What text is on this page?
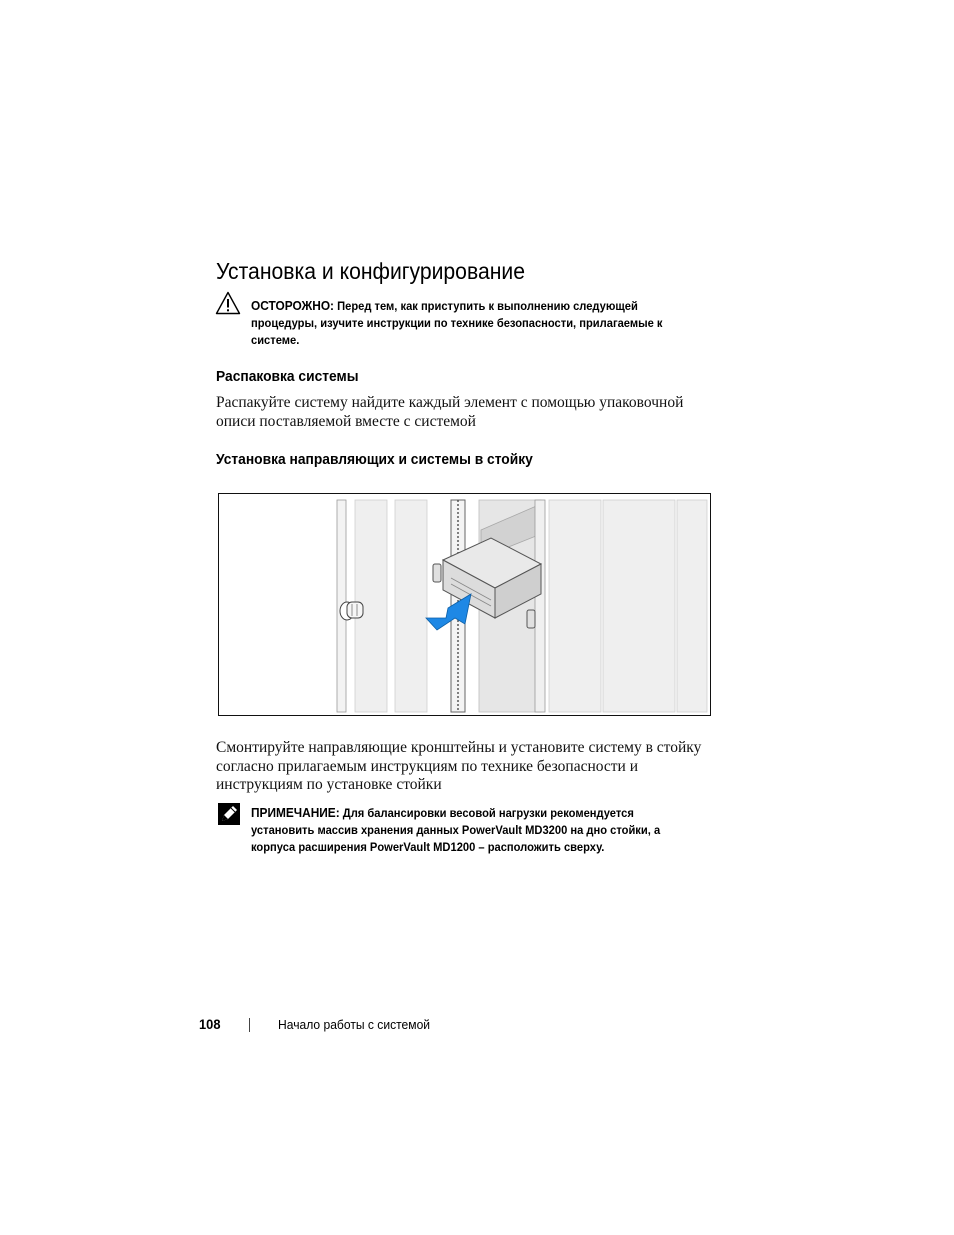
Установка и конфигурирование
ОСТОРОЖНО: Перед тем, как приступить к выполнению следующей
процедуры, изучите инструкции по технике безопасности, прилагаемые к
системе.
Распаковка системы
Распакуйте систему найдите каждый элемент с помощью упаковочной
описи поставляемой вместе с системой
Установка направляющих и системы в стойку
Смонтируйте направляющие кронштейны и установите систему в стойку
согласно прилагаемым инструкциям по технике безопасности и
инструкциям по установке стойки
ПРИМЕЧАНИЕ: Для балансировки весовой нагрузки рекомендуется
установить массив хранения данных PowerVault MD3200 на дно стойки, а
корпуса расширения PowerVault MD1200 – расположить сверху.
108	Начало работы с системой
